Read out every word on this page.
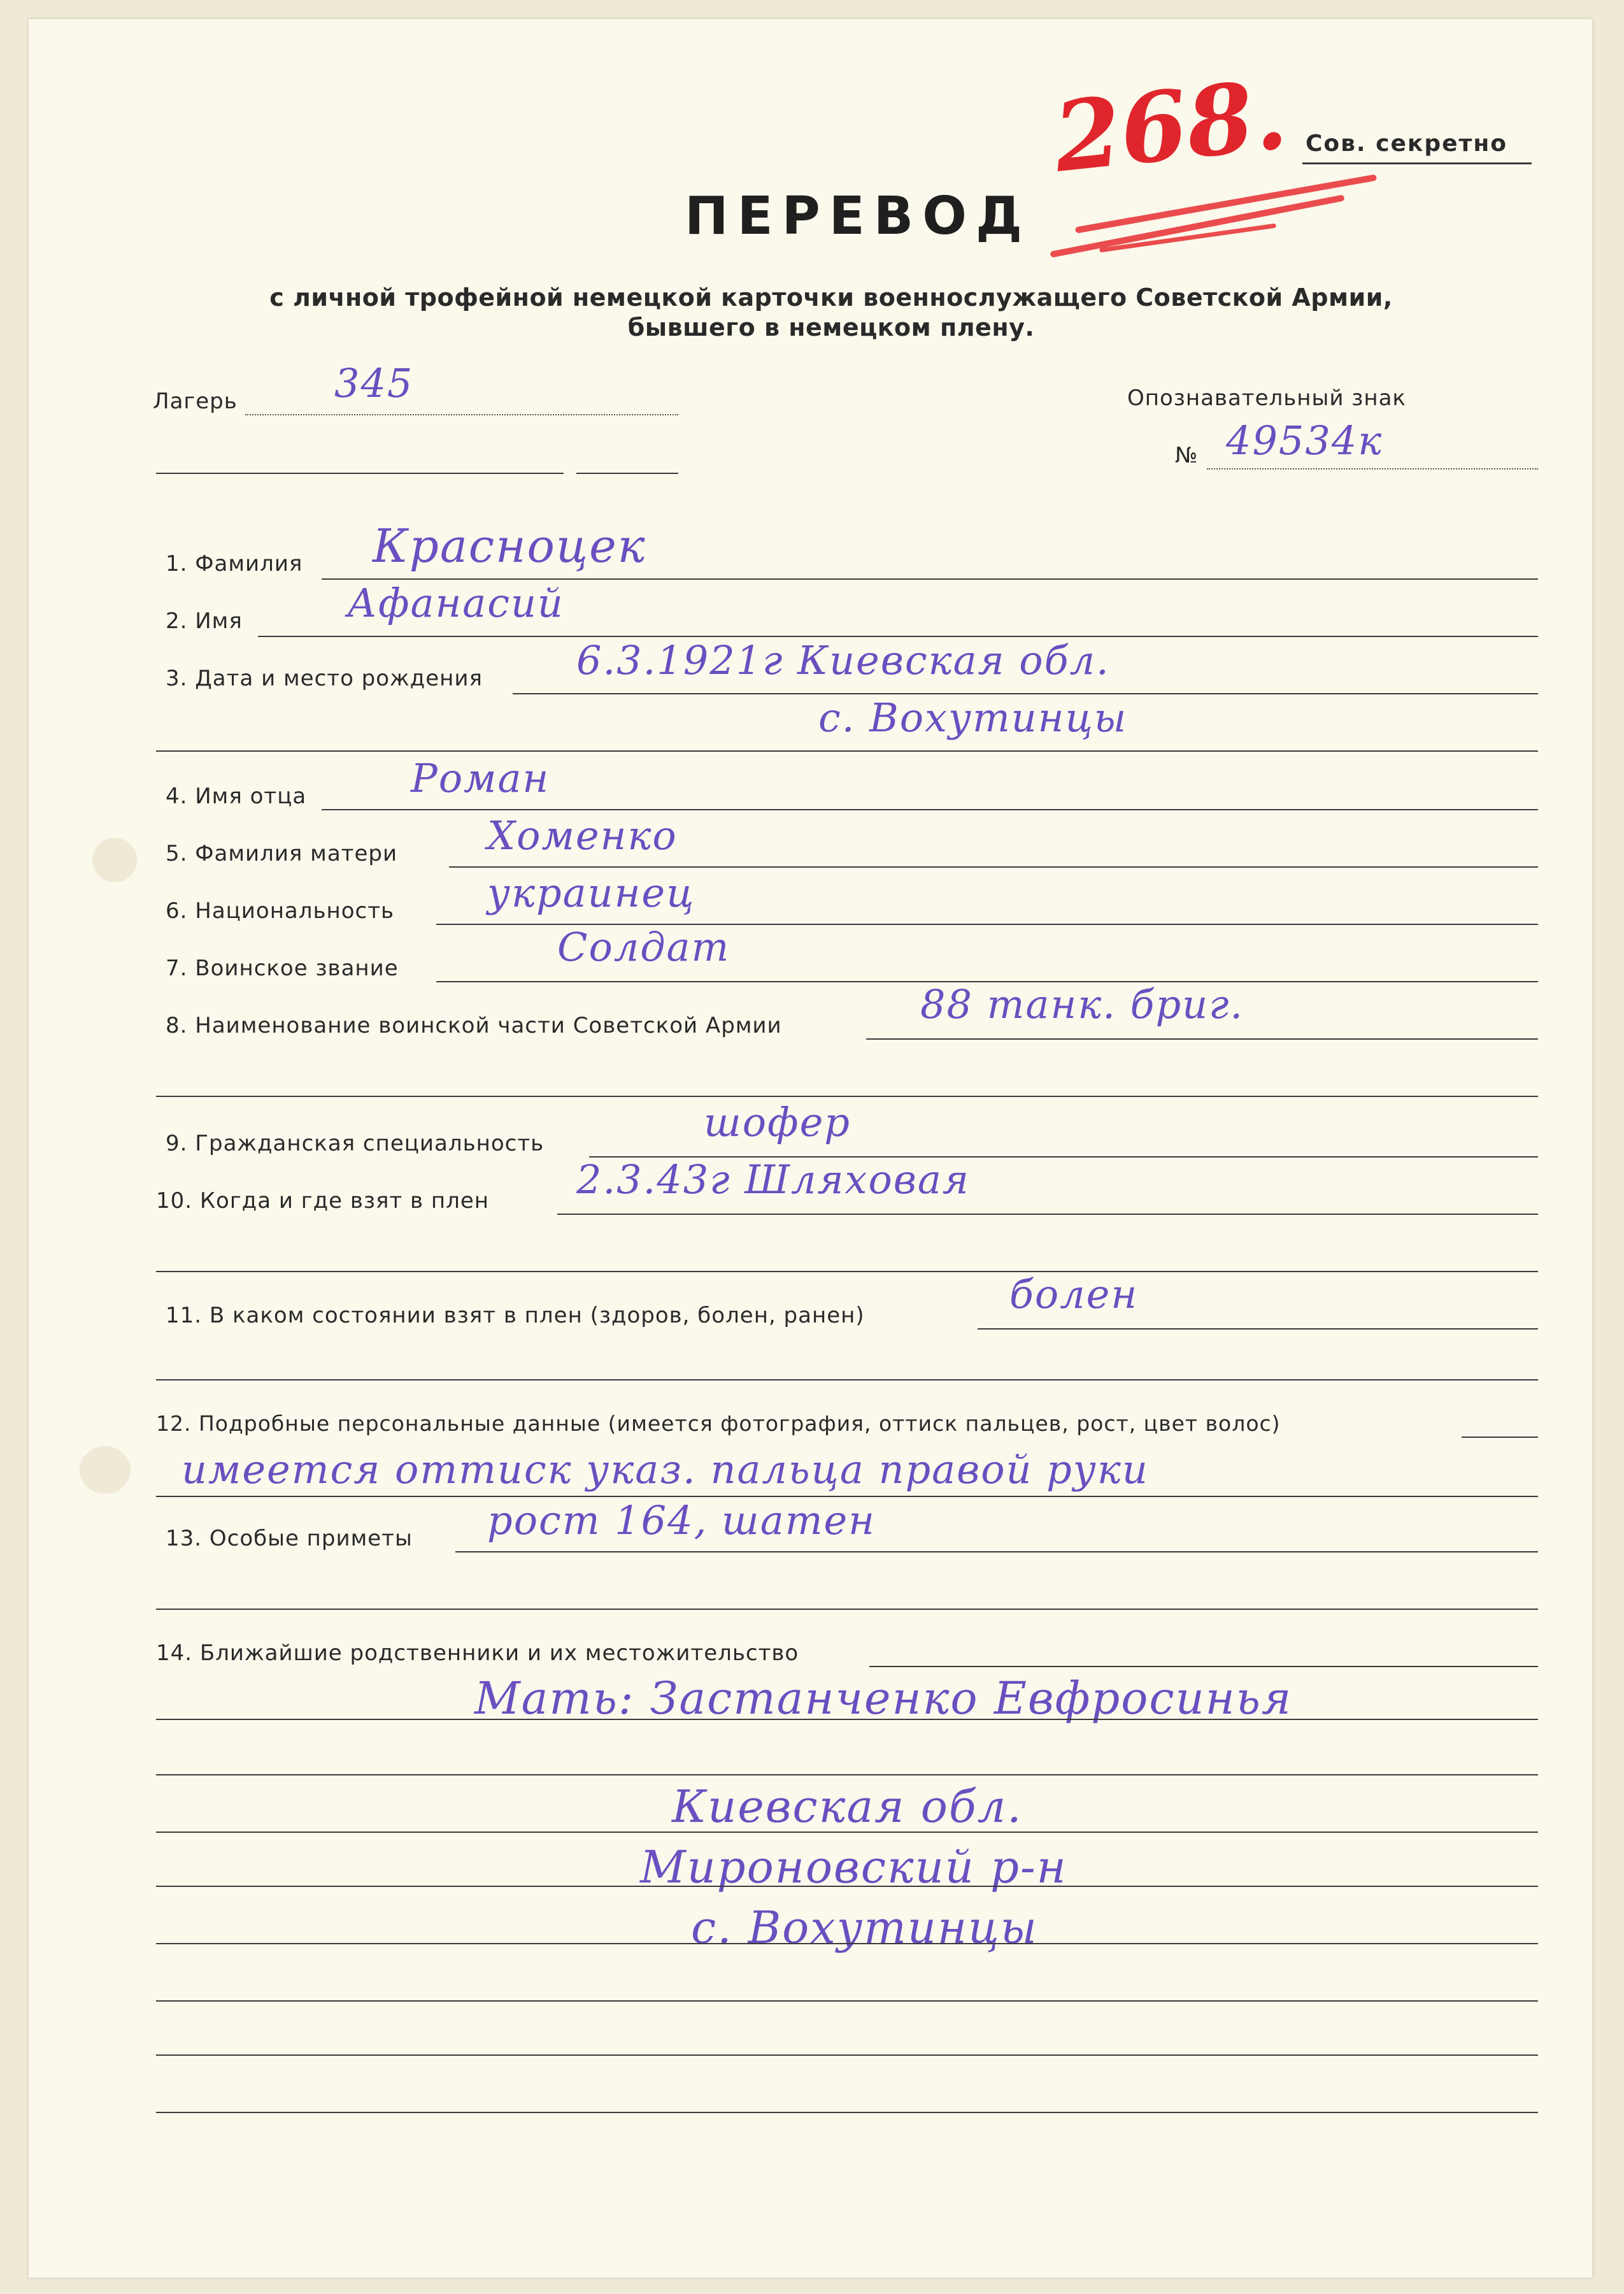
268. Сов. секретно
ПЕРЕВОД
с личной трофейной немецкой карточки военнослужащего Советской Армии,
бывшего в немецком плену.
Лагерь 345	Опознавательный знак
№ 49534к
1. Фамилия Красноцек
2. Имя	Афанасий
3. Дата и место рождения 6.3.1921г Киевская обл.
с. Вохутинцы
4. Имя отца	Роман
5. Фамилия матери Хоменко
6. Национальность украинец
7. Воинское звание	Солдат
8. Наименование воинской части Советской Армии	88 танк. бриг.
9. Гражданская специальность	шофер
10. Когда и где взят в плен 2.3.43г Шляховая
11. В каком состоянии взят в плен (здоров, болен, ранен)	болен
12. Подробные персональные данные (имеется фотография, оттиск пальцев, рост, цвет волос)
имеется оттиск указ. пальца правой руки
13. Особые приметы рост 164, шатен
14. Ближайшие родственники и их местожительство
Мать: Застанченко Евфросинья
Киевская обл.
Мироновский р-н
с. Вохутинцы
